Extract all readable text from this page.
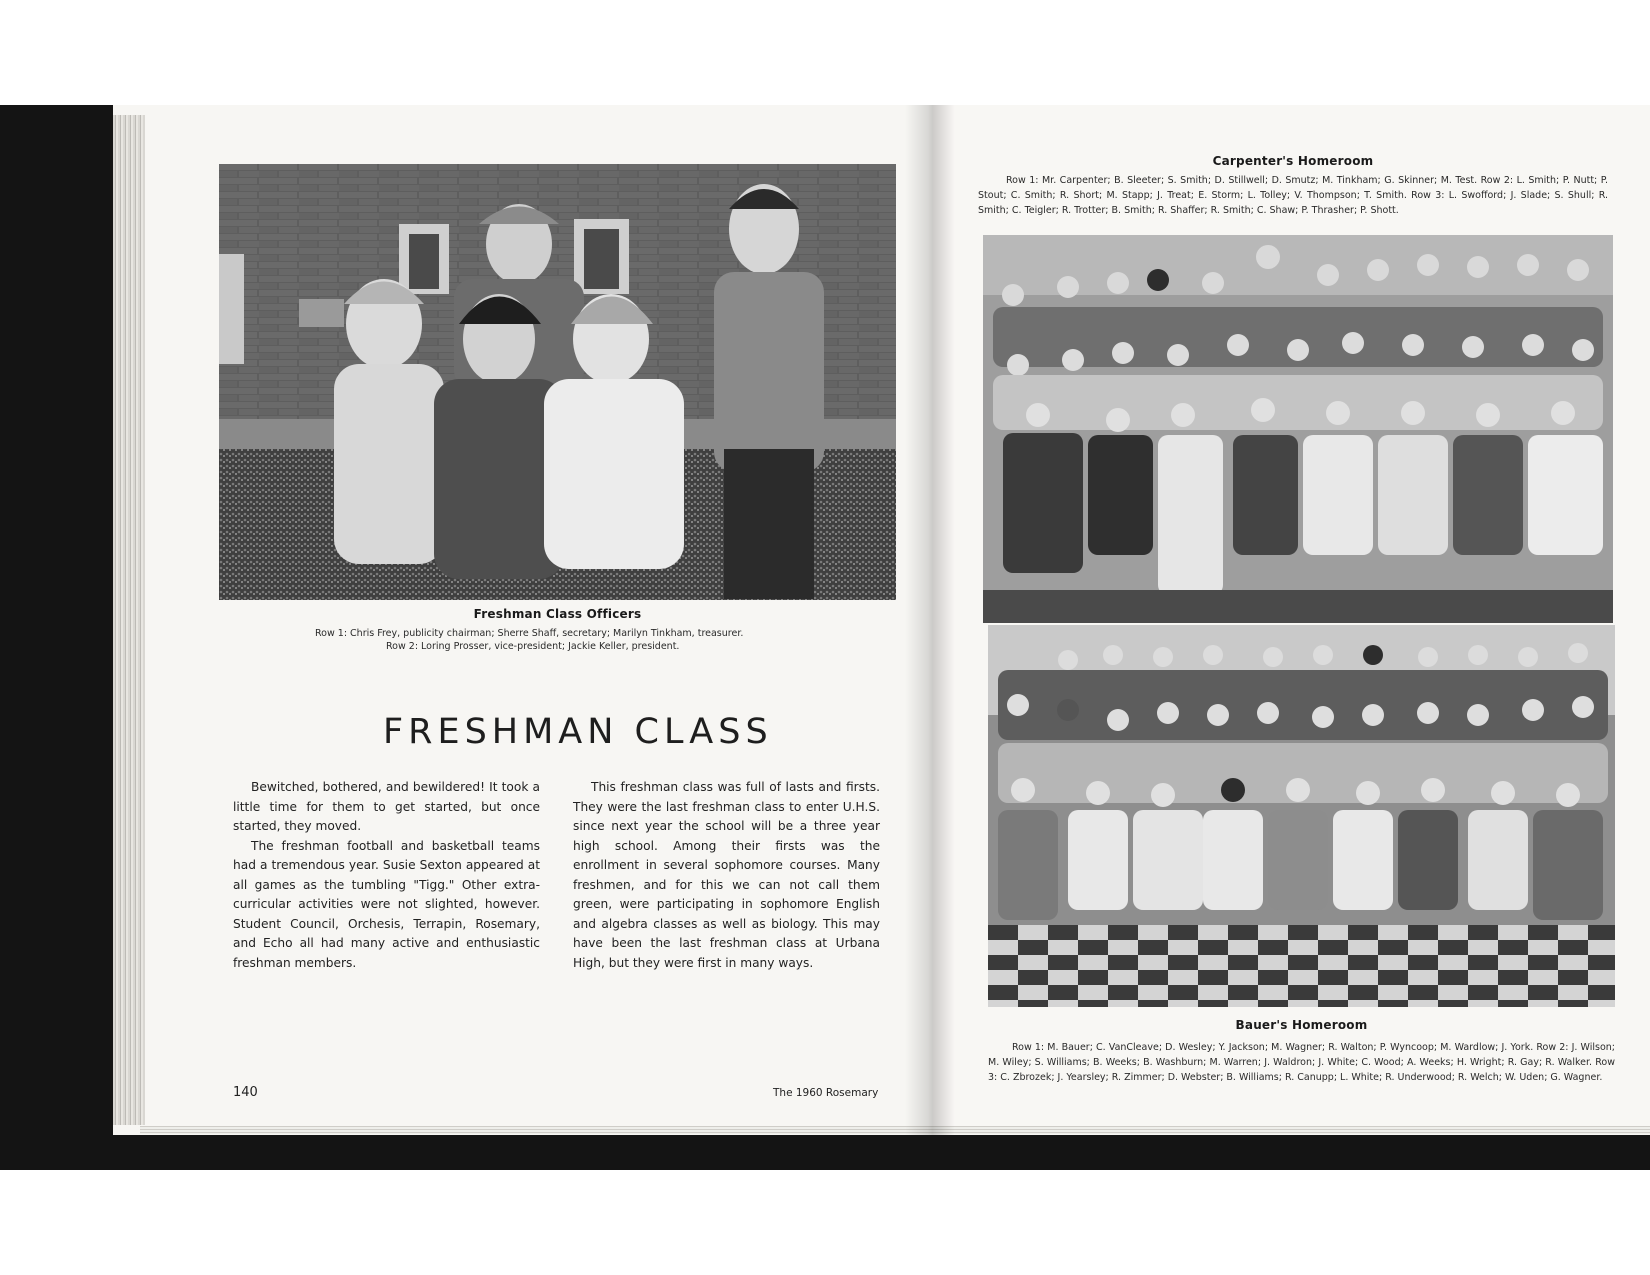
Freshman Class Officers
Row 1: Chris Frey, publicity chairman; Sherre Shaff, secretary; Marilyn Tinkham, treasurer.
Row 2: Loring Prosser, vice-president; Jackie Keller, president.
FRESHMAN CLASS

Bewitched, bothered, and bewildered! It took a little time for them to get started, but once started, they moved.

The freshman football and basketball teams had a tremendous year. Susie Sexton appeared at all games as the tumbling "Tigg." Other extra-curricular activities were not slighted, however. Student Council, Orchesis, Terrapin, Rosemary, and Echo all had many active and enthusiastic freshman members.

This freshman class was full of lasts and firsts. They were the last freshman class to enter U.H.S. since next year the school will be a three year high school. Among their firsts was the enrollment in several sophomore courses. Many freshmen, and for this we can not call them green, were participating in sophomore English and algebra classes as well as biology. This may have been the last freshman class at Urbana High, but they were first in many ways.

140	The 1960 Rosemary
Carpenter's Homeroom
Row 1: Mr. Carpenter; B. Sleeter; S. Smith; D. Stillwell; D. Smutz; M. Tinkham; G. Skinner; M. Test. Row 2: L. Smith; P. Nutt; P. Stout; C. Smith; R. Short; M. Stapp; J. Treat; E. Storm; L. Tolley; V. Thompson; T. Smith. Row 3: L. Swofford; J. Slade; S. Shull; R. Smith; C. Teigler; R. Trotter; B. Smith; R. Shaffer; R. Smith; C. Shaw; P. Thrasher; P. Shott.
Bauer's Homeroom
Row 1: M. Bauer; C. VanCleave; D. Wesley; Y. Jackson; M. Wagner; R. Walton; P. Wyncoop; M. Wardlow; J. York. Row 2: J. Wilson; M. Wiley; S. Williams; B. Weeks; B. Washburn; M. Warren; J. Waldron; J. White; C. Wood; A. Weeks; H. Wright; R. Gay; R. Walker. Row 3: C. Zbrozek; J. Yearsley; R. Zimmer; D. Webster; B. Williams; R. Canupp; L. White; R. Underwood; R. Welch; W. Uden; G. Wagner.
